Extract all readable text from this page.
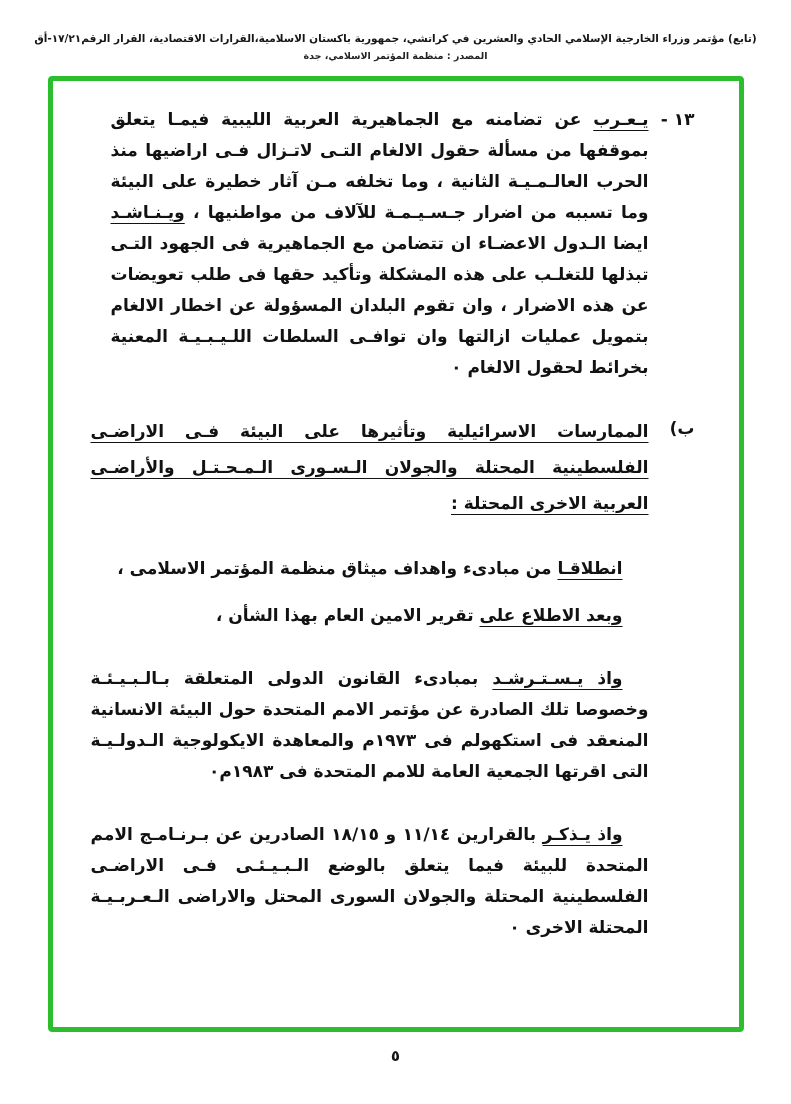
(تابع) مؤتمر وزراء الخارجية الإسلامي الحادي والعشرين في كراتشي، جمهورية باكستان الاسلامية،القرارات الاقتصادية، القرار الرقم١٧/٢١-أق
المصدر : منظمة المؤتمر الاسلامي، جدة
١٣ -

يـعـرب عن تضامنه مع الجماهيرية العربية الليبية فيمـا يتعلق بموقفها من مسألة حقول الالغام التـى لاتـزال فـى اراضيها منذ الحرب العالـمـيـة الثانية ، وما تخلفه مـن آثار خطيرة على البيئة وما تسببه من اضرار جـسـيـمـة للآلاف من مواطنيها ، ويـنـاشـد ايضا الـدول الاعضـاء ان تتضامن مع الجماهيرية فى الجهود التـى تبذلها للتغلـب على هذه المشكلة وتأكيد حقها فى طلب تعويضات عن هذه الاضرار ، وان تقوم البلدان المسؤولة عن اخطار الالغام بتمويل عمليات ازالتها وان توافـى السلطات اللـيـبـيـة المعنية بخرائط لحقول الالغام ٠

ب)

الممارسات الاسرائيلية وتأثيرها على البيئة فـى الاراضـى الفلسطينية المحتلة والجولان الـسـورى الـمـحـتـل والأراضـى العربية الاخرى المحتلة :

انطلاقـا من مبادىء واهداف ميثاق منظمة المؤتمر الاسلامى ،

وبعد الاطلاع على تقرير الامين العام بهذا الشأن ،

واذ يـسـتـرشـد بمبادىء القانون الدولى المتعلقة بـالـبـيـئـة وخصوصا تلك الصادرة عن مؤتمر الامم المتحدة حول البيئة الانسانية المنعقد فى استكهولم فى ١٩٧٣م والمعاهدة الايكولوجية الـدولـيـة التى اقرتها الجمعية العامة للامم المتحدة فى ١٩٨٣م٠

واذ يـذكـر بالقرارين ١١/١٤ و ١٨/١٥ الصادرين عن بـرنـامـج الامم المتحدة للبيئة فيما يتعلق بالوضع الـبـيـئـى فـى الاراضـى الفلسطينية المحتلة والجولان السورى المحتل والاراضى الـعـربـيـة المحتلة الاخرى ٠

٥
